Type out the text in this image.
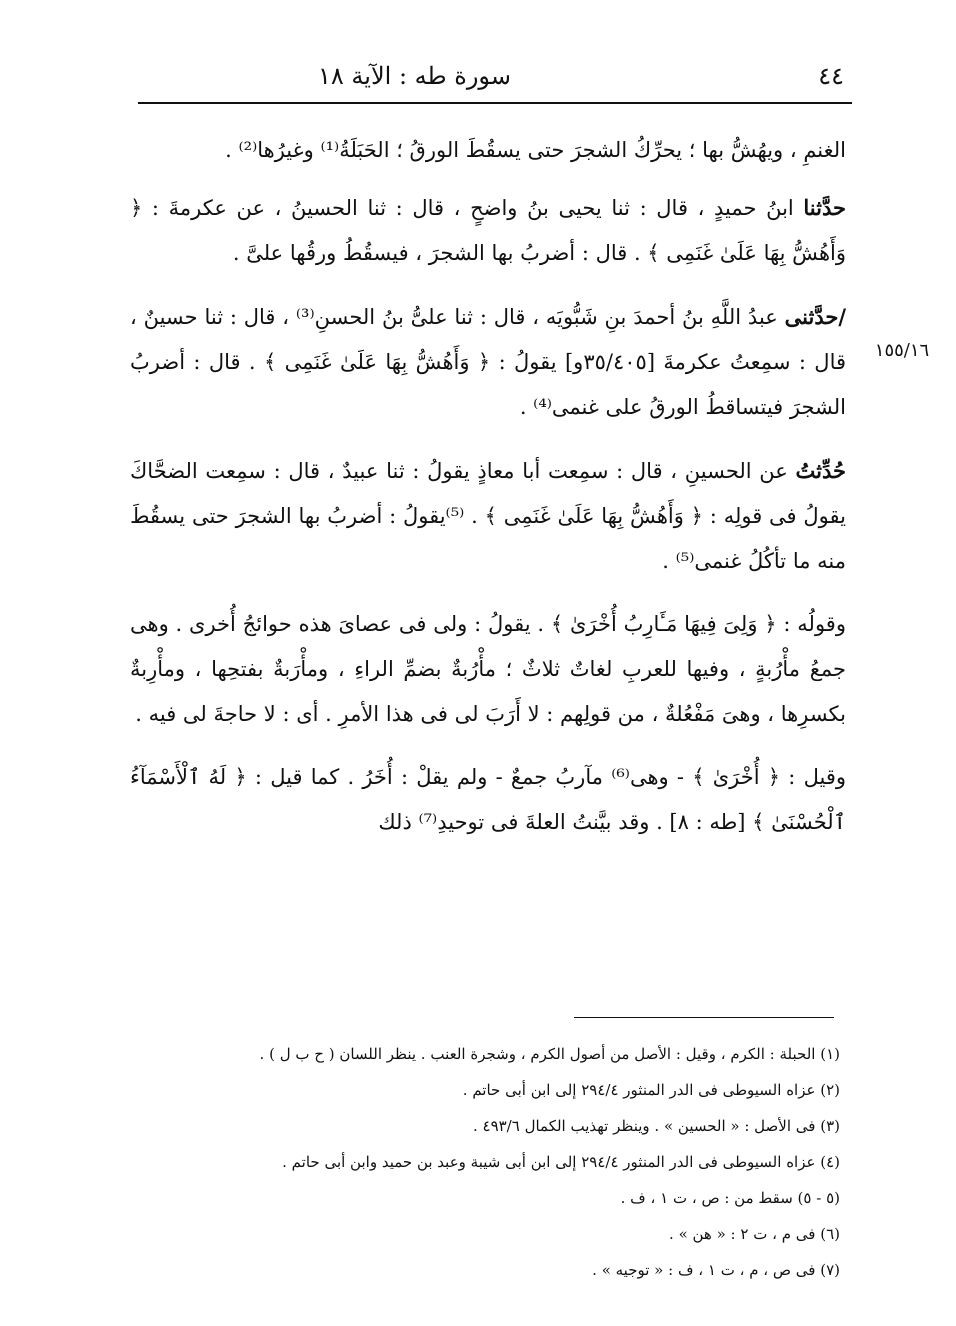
٤٤
سورة طه : الآية ١٨
١٥٥/١٦

الغنمِ ، ويهُشُّ بها ؛ يحرِّكُ الشجرَ حتى يسقُطَ الورقُ ؛ الحَبَلَةُ⁽¹⁾ وغيرُها⁽²⁾ .

حدَّثنا ابنُ حميدٍ ، قال : ثنا يحيى بنُ واضحٍ ، قال : ثنا الحسينُ ، عن عكرمةَ : ﴿ وَأَهُشُّ بِهَا عَلَىٰ غَنَمِى ﴾ . قال : أضربُ بها الشجرَ ، فيسقُطُ ورقُها علىَّ .

/حدَّثنى عبدُ اللَّهِ بنُ أحمدَ بنِ شَبُّويَه ، قال : ثنا علىُّ بنُ الحسنِ⁽³⁾ ، قال : ثنا حسينٌ ، قال : سمِعتُ عكرمةَ [٣٥/٤٠٥و] يقولُ : ﴿ وَأَهُشُّ بِهَا عَلَىٰ غَنَمِى ﴾ . قال : أضربُ الشجرَ فيتساقطُ الورقُ على غنمى⁽⁴⁾ .

حُدِّثتُ عن الحسينِ ، قال : سمِعت أبا معاذٍ يقولُ : ثنا عبيدٌ ، قال : سمِعت الضحَّاكَ يقولُ فى قولِه : ﴿ وَأَهُشُّ بِهَا عَلَىٰ غَنَمِى ﴾ . ⁽⁵⁾يقولُ : أضربُ بها الشجرَ حتى يسقُطَ منه ما تأكُلُ غنمى⁽⁵⁾ .

وقولُه : ﴿ وَلِىَ فِيهَا مَـَٔارِبُ أُخْرَىٰ ﴾ . يقولُ : ولى فى عصاىَ هذه حوائجُ أُخرى . وهى جمعُ مأْرُبةٍ ، وفيها للعربِ لغاتٌ ثلاثٌ ؛ مأْرُبةٌ بضمِّ الراءِ ، ومأْرَبةٌ بفتحِها ، ومأْرِبةٌ بكسرِها ، وهىَ مَفْعُلةٌ ، من قولِهم : لا أَرَبَ لى فى هذا الأمرِ . أى : لا حاجةَ لى فيه .

وقيل : ﴿ أُخْرَىٰ ﴾ - وهى⁽⁶⁾ مآربُ جمعٌ - ولم يقلْ : أُخَرُ . كما قيل : ﴿ لَهُ ٱلْأَسْمَآءُ ٱلْحُسْنَىٰ ﴾ [طه : ٨] . وقد بيَّنتُ العلةَ فى توحيدِ⁽⁷⁾ ذلك

(١) الحبلة : الكرم ، وقيل : الأصل من أصول الكرم ، وشجرة العنب . ينظر اللسان ( ح ب ل ) .
(٢) عزاه السيوطى فى الدر المنثور ٢٩٤/٤ إلى ابن أبى حاتم .
(٣) فى الأصل : « الحسين » . وينظر تهذيب الكمال ٤٩٣/٦ .
(٤) عزاه السيوطى فى الدر المنثور ٢٩٤/٤ إلى ابن أبى شيبة وعبد بن حميد وابن أبى حاتم .
(٥ - ٥) سقط من : ص ، ت ١ ، ف .
(٦) فى م ، ت ٢ : « هن » .
(٧) فى ص ، م ، ت ١ ، ف : « توجيه » .
